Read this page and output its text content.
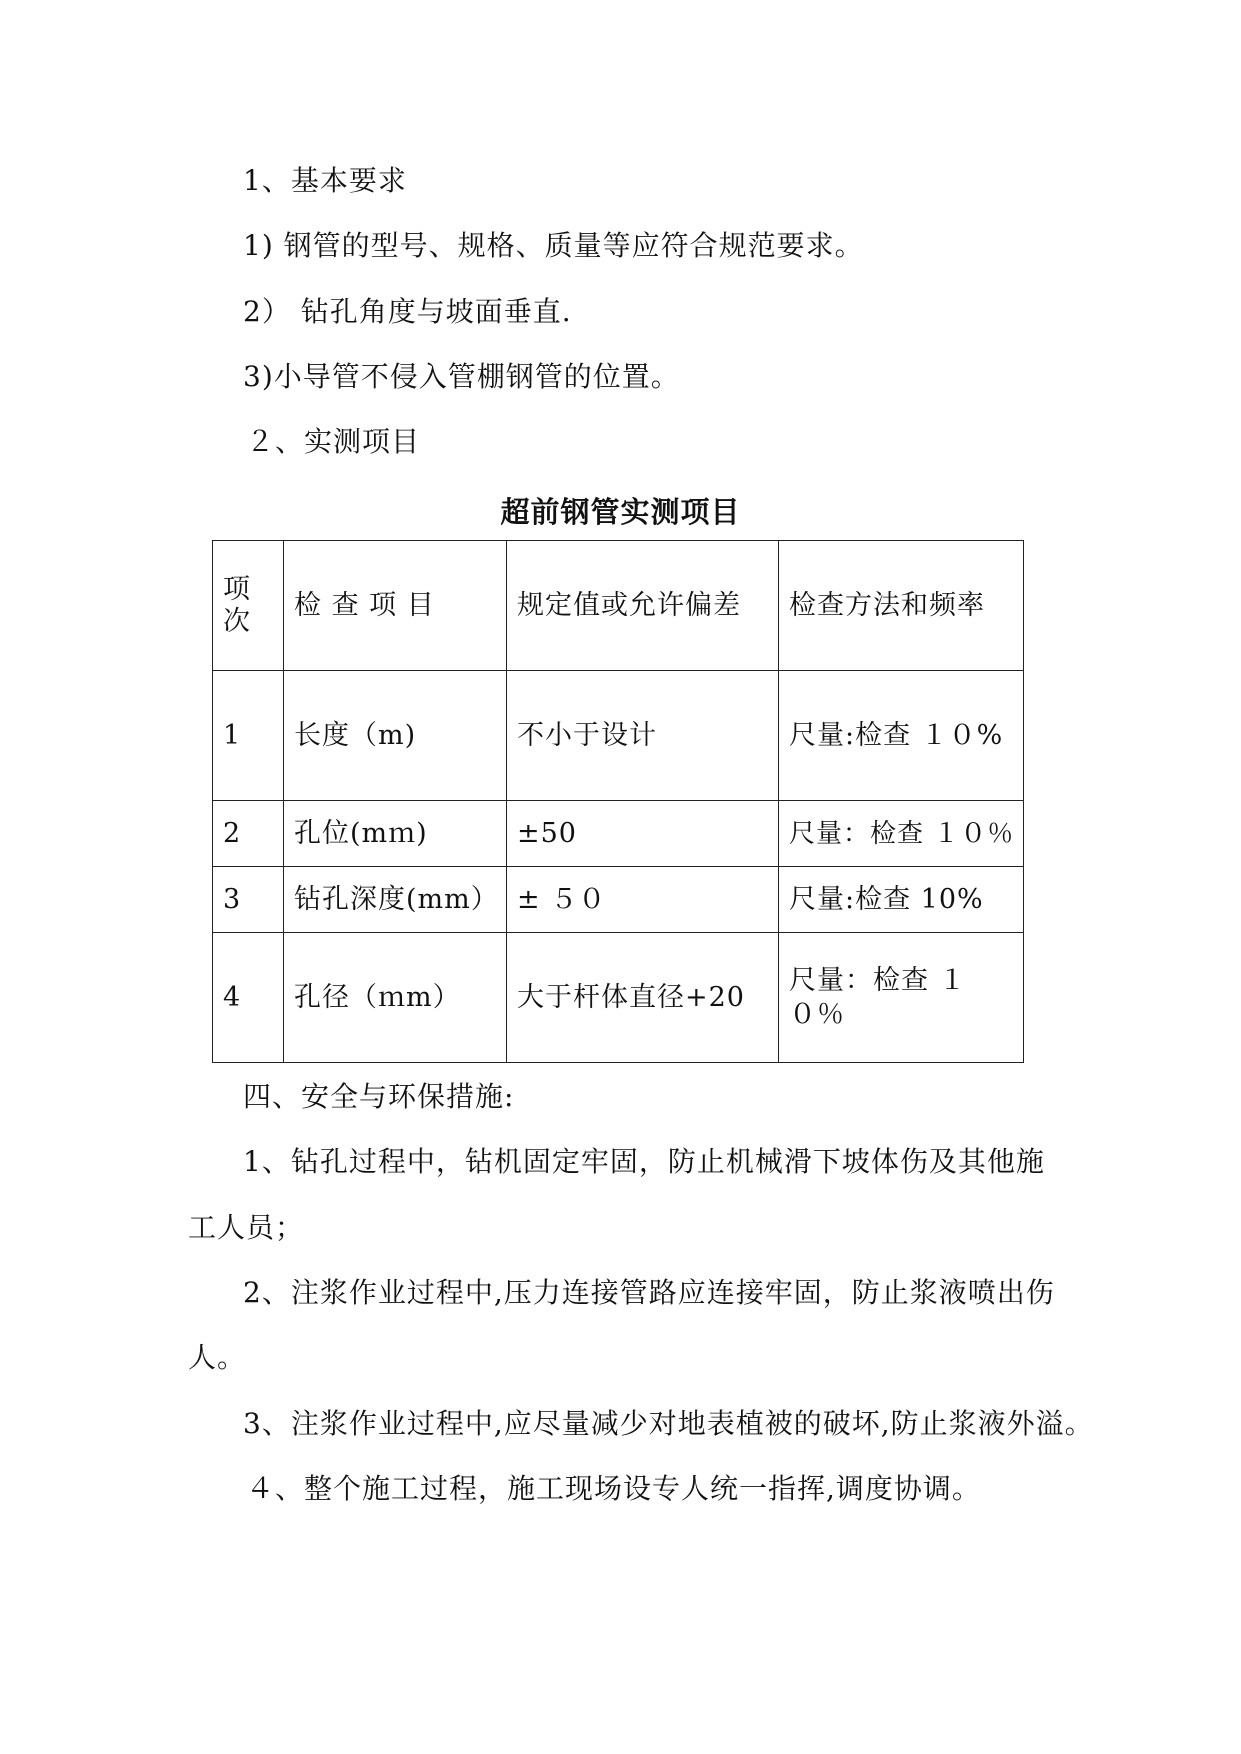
1、基本要求
1) 钢管的型号、规格、质量等应符合规范要求。
2） 钻孔角度与坡面垂直.
3)小导管不侵入管棚钢管的位置。
２、实测项目
超前钢管实测项目
项次	检 查 项 目	规定值或允许偏差	检查方法和频率
1	长度（m)	不小于设计	尺量:检查 １０%
2	孔位(mｍ)	±50	尺量：检查 １０％
3	钻孔深度(mm）	± ５０	尺量:检查 10%
4	孔径（ｍm）	大于杆体直径+20	尺量：检查 １０％
四、安全与环保措施:
1、钻孔过程中，钻机固定牢固，防止机械滑下坡体伤及其他施
工人员；
2、注浆作业过程中,压力连接管路应连接牢固，防止浆液喷出伤
人。
3、注浆作业过程中,应尽量减少对地表植被的破坏,防止浆液外溢。
４、整个施工过程，施工现场设专人统一指挥,调度协调。
